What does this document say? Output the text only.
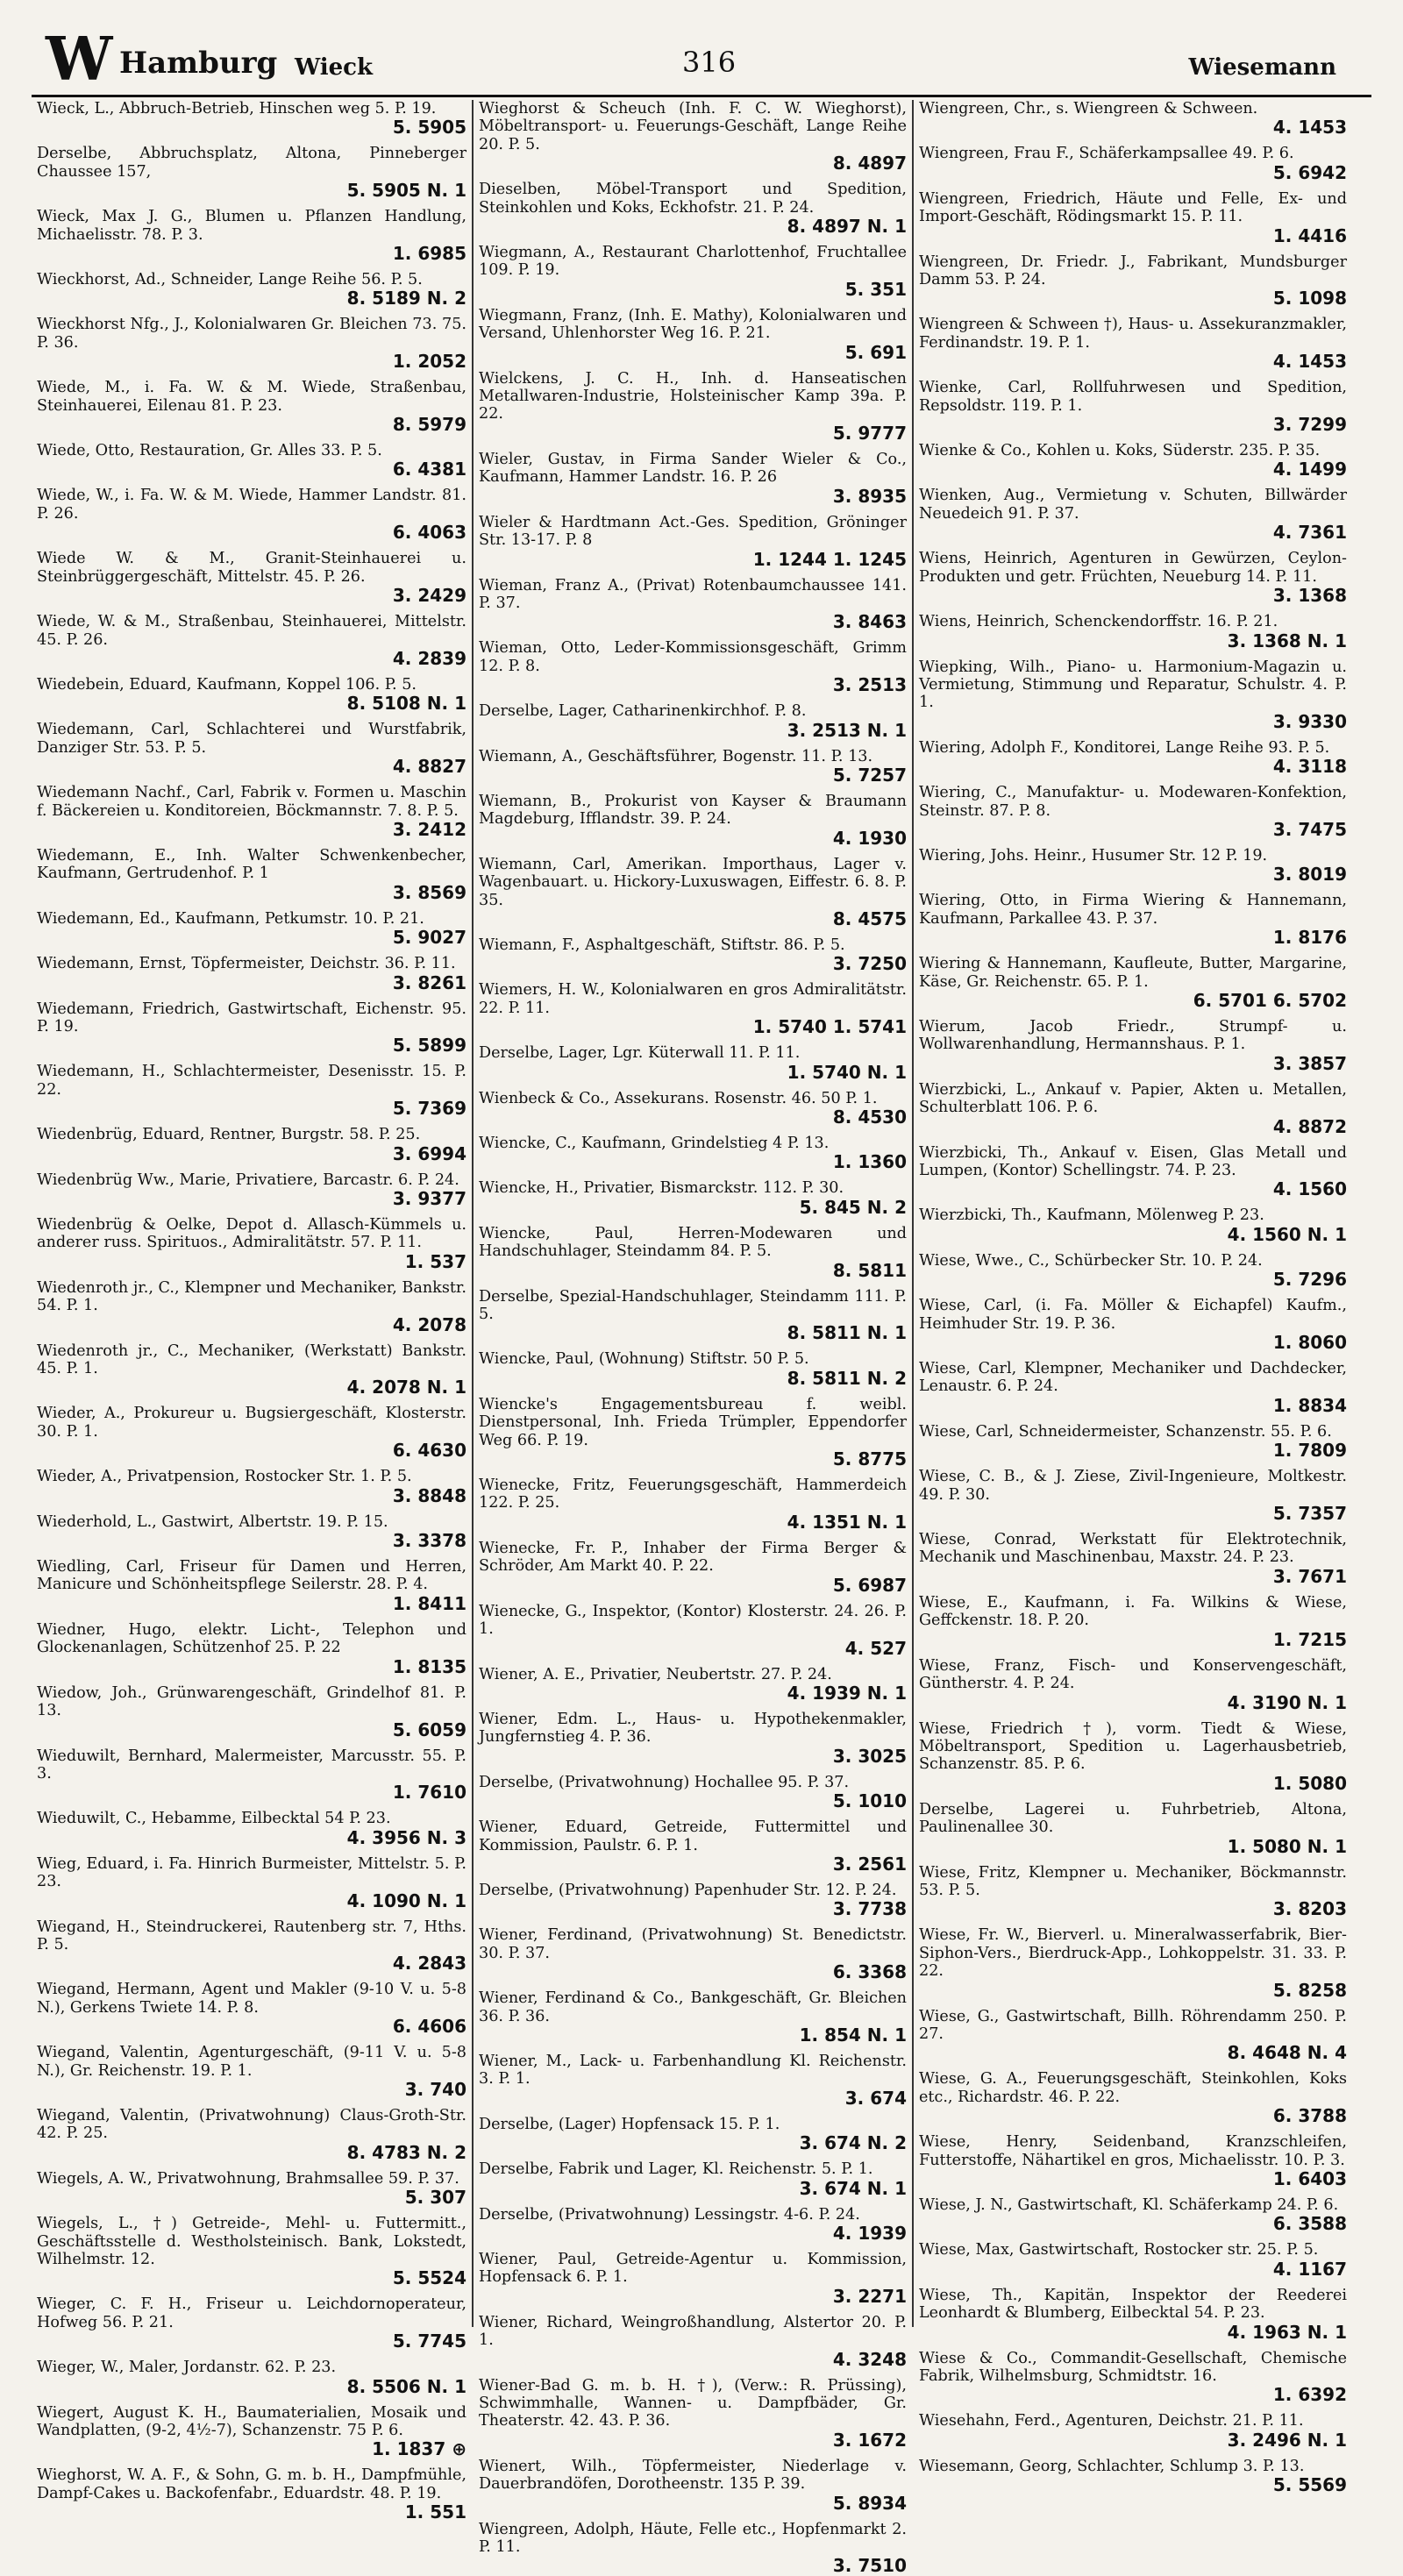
W Hamburg Wieck	316	Wiesemann
Wieck, L., Abbruch-Betrieb, Hinschen weg 5. P. 19.
5. 5905
Derselbe, Abbruchsplatz, Altona, Pinneberger Chaussee 157,
5. 5905 N. 1
Wieck, Max J. G., Blumen u. Pflanzen Handlung, Michaelisstr. 78. P. 3.
1. 6985
Wieckhorst, Ad., Schneider, Lange Reihe 56. P. 5.
8. 5189 N. 2
Wieckhorst Nfg., J., Kolonialwaren Gr. Bleichen 73. 75. P. 36.
1. 2052
Wiede, M., i. Fa. W. & M. Wiede, Straßenbau, Steinhauerei, Eilenau 81. P. 23.
8. 5979
Wiede, Otto, Restauration, Gr. Alles 33. P. 5.
6. 4381
Wiede, W., i. Fa. W. & M. Wiede, Hammer Landstr. 81. P. 26.
6. 4063
Wiede W. & M., Granit-Steinhauerei u. Steinbrüggergeschäft, Mittelstr. 45. P. 26.
3. 2429
Wiede, W. & M., Straßenbau, Steinhauerei, Mittelstr. 45. P. 26.
4. 2839
Wiedebein, Eduard, Kaufmann, Koppel 106. P. 5.
8. 5108 N. 1
Wiedemann, Carl, Schlachterei und Wurstfabrik, Danziger Str. 53. P. 5.
4. 8827
Wiedemann Nachf., Carl, Fabrik v. Formen u. Maschin f. Bäckereien u. Konditoreien, Böckmannstr. 7. 8. P. 5.
3. 2412
Wiedemann, E., Inh. Walter Schwenkenbecher, Kaufmann, Gertrudenhof. P. 1
3. 8569
Wiedemann, Ed., Kaufmann, Petkumstr. 10. P. 21.
5. 9027
Wiedemann, Ernst, Töpfermeister, Deichstr. 36. P. 11.
3. 8261
Wiedemann, Friedrich, Gastwirtschaft, Eichenstr. 95. P. 19.
5. 5899
Wiedemann, H., Schlachtermeister, Desenisstr. 15. P. 22.
5. 7369
Wiedenbrüg, Eduard, Rentner, Burgstr. 58. P. 25.
3. 6994
Wiedenbrüg Ww., Marie, Privatiere, Barcastr. 6. P. 24.
3. 9377
Wiedenbrüg & Oelke, Depot d. Allasch-Kümmels u. anderer russ. Spirituos., Admiralitätstr. 57. P. 11.
1. 537
Wiedenroth jr., C., Klempner und Mechaniker, Bankstr. 54. P. 1.
4. 2078
Wiedenroth jr., C., Mechaniker, (Werkstatt) Bankstr. 45. P. 1.
4. 2078 N. 1
Wieder, A., Prokureur u. Bugsiergeschäft, Klosterstr. 30. P. 1.
6. 4630
Wieder, A., Privatpension, Rostocker Str. 1. P. 5.
3. 8848
Wiederhold, L., Gastwirt, Albertstr. 19. P. 15.
3. 3378
Wiedling, Carl, Friseur für Damen und Herren, Manicure und Schönheitspflege Seilerstr. 28. P. 4.
1. 8411
Wiedner, Hugo, elektr. Licht-, Telephon und Glockenanlagen, Schützenhof 25. P. 22
1. 8135
Wiedow, Joh., Grünwarengeschäft, Grindelhof 81. P. 13.
5. 6059
Wieduwilt, Bernhard, Malermeister, Marcusstr. 55. P. 3.
1. 7610
Wieduwilt, C., Hebamme, Eilbecktal 54 P. 23.
4. 3956 N. 3
Wieg, Eduard, i. Fa. Hinrich Burmeister, Mittelstr. 5. P. 23.
4. 1090 N. 1
Wiegand, H., Steindruckerei, Rautenberg str. 7, Hths. P. 5.
4. 2843
Wiegand, Hermann, Agent und Makler (9-10 V. u. 5-8 N.), Gerkens Twiete 14. P. 8.
6. 4606
Wiegand, Valentin, Agenturgeschäft, (9-11 V. u. 5-8 N.), Gr. Reichenstr. 19. P. 1.
3. 740
Wiegand, Valentin, (Privatwohnung) Claus-Groth-Str. 42. P. 25.
8. 4783 N. 2
Wiegels, A. W., Privatwohnung, Brahmsallee 59. P. 37.
5. 307
Wiegels, L., †) Getreide-, Mehl- u. Futtermitt., Geschäftsstelle d. Westholsteinisch. Bank, Lokstedt, Wilhelmstr. 12.
5. 5524
Wieger, C. F. H., Friseur u. Leichdornoperateur, Hofweg 56. P. 21.
5. 7745
Wieger, W., Maler, Jordanstr. 62. P. 23.
8. 5506 N. 1
Wiegert, August K. H., Baumaterialien, Mosaik und Wandplatten, (9-2, 4½-7), Schanzenstr. 75 P. 6.
1. 1837 ⊕
Wieghorst, W. A. F., & Sohn, G. m. b. H., Dampfmühle, Dampf-Cakes u. Backofenfabr., Eduardstr. 48. P. 19.
1. 551
Wieghorst & Scheuch (Inh. F. C. W. Wieghorst), Möbeltransport- u. Feuerungs-Geschäft, Lange Reihe 20. P. 5.
8. 4897
Dieselben, Möbel-Transport und Spedition, Steinkohlen und Koks, Eckhofstr. 21. P. 24.
8. 4897 N. 1
Wiegmann, A., Restaurant Charlottenhof, Fruchtallee 109. P. 19.
5. 351
Wiegmann, Franz, (Inh. E. Mathy), Kolonialwaren und Versand, Uhlenhorster Weg 16. P. 21.
5. 691
Wielckens, J. C. H., Inh. d. Hanseatischen Metallwaren-Industrie, Holsteinischer Kamp 39a. P. 22.
5. 9777
Wieler, Gustav, in Firma Sander Wieler & Co., Kaufmann, Hammer Landstr. 16. P. 26
3. 8935
Wieler & Hardtmann Act.-Ges. Spedition, Gröninger Str. 13-17. P. 8
1. 1244 1. 1245
Wieman, Franz A., (Privat) Rotenbaumchaussee 141. P. 37.
3. 8463
Wieman, Otto, Leder-Kommissionsgeschäft, Grimm 12. P. 8.
3. 2513
Derselbe, Lager, Catharinenkirchhof. P. 8.
3. 2513 N. 1
Wiemann, A., Geschäftsführer, Bogenstr. 11. P. 13.
5. 7257
Wiemann, B., Prokurist von Kayser & Braumann Magdeburg, Ifflandstr. 39. P. 24.
4. 1930
Wiemann, Carl, Amerikan. Importhaus, Lager v. Wagenbauart. u. Hickory-Luxuswagen, Eiffestr. 6. 8. P. 35.
8. 4575
Wiemann, F., Asphaltgeschäft, Stiftstr. 86. P. 5.
3. 7250
Wiemers, H. W., Kolonialwaren en gros Admiralitätstr. 22. P. 11.
1. 5740 1. 5741
Derselbe, Lager, Lgr. Küterwall 11. P. 11.
1. 5740 N. 1
Wienbeck & Co., Assekurans. Rosenstr. 46. 50 P. 1.
8. 4530
Wiencke, C., Kaufmann, Grindelstieg 4 P. 13.
1. 1360
Wiencke, H., Privatier, Bismarckstr. 112. P. 30.
5. 845 N. 2
Wiencke, Paul, Herren-Modewaren und Handschuhlager, Steindamm 84. P. 5.
8. 5811
Derselbe, Spezial-Handschuhlager, Steindamm 111. P. 5.
8. 5811 N. 1
Wiencke, Paul, (Wohnung) Stiftstr. 50 P. 5.
8. 5811 N. 2
Wiencke's Engagementsbureau f. weibl. Dienstpersonal, Inh. Frieda Trümpler, Eppendorfer Weg 66. P. 19.
5. 8775
Wienecke, Fritz, Feuerungsgeschäft, Hammerdeich 122. P. 25.
4. 1351 N. 1
Wienecke, Fr. P., Inhaber der Firma Berger & Schröder, Am Markt 40. P. 22.
5. 6987
Wienecke, G., Inspektor, (Kontor) Klosterstr. 24. 26. P. 1.
4. 527
Wiener, A. E., Privatier, Neubertstr. 27. P. 24.
4. 1939 N. 1
Wiener, Edm. L., Haus- u. Hypothekenmakler, Jungfernstieg 4. P. 36.
3. 3025
Derselbe, (Privatwohnung) Hochallee 95. P. 37.
5. 1010
Wiener, Eduard, Getreide, Futtermittel und Kommission, Paulstr. 6. P. 1.
3. 2561
Derselbe, (Privatwohnung) Papenhuder Str. 12. P. 24.
3. 7738
Wiener, Ferdinand, (Privatwohnung) St. Benedictstr. 30. P. 37.
6. 3368
Wiener, Ferdinand & Co., Bankgeschäft, Gr. Bleichen 36. P. 36.
1. 854 N. 1
Wiener, M., Lack- u. Farbenhandlung Kl. Reichenstr. 3. P. 1.
3. 674
Derselbe, (Lager) Hopfensack 15. P. 1.
3. 674 N. 2
Derselbe, Fabrik und Lager, Kl. Reichenstr. 5. P. 1.
3. 674 N. 1
Derselbe, (Privatwohnung) Lessingstr. 4-6. P. 24.
4. 1939
Wiener, Paul, Getreide-Agentur u. Kommission, Hopfensack 6. P. 1.
3. 2271
Wiener, Richard, Weingroßhandlung, Alstertor 20. P. 1.
4. 3248
Wiener-Bad G. m. b. H. †), (Verw.: R. Prüssing), Schwimmhalle, Wannen- u. Dampfbäder, Gr. Theaterstr. 42. 43. P. 36.
3. 1672
Wienert, Wilh., Töpfermeister, Niederlage v. Dauerbrandöfen, Dorotheenstr. 135 P. 39.
5. 8934
Wiengreen, Adolph, Häute, Felle etc., Hopfenmarkt 2. P. 11.
3. 7510
Wiengreen, Chr., s. Wiengreen & Schween.
4. 1453
Wiengreen, Frau F., Schäferkampsallee 49. P. 6.
5. 6942
Wiengreen, Friedrich, Häute und Felle, Ex- und Import-Geschäft, Rödingsmarkt 15. P. 11.
1. 4416
Wiengreen, Dr. Friedr. J., Fabrikant, Mundsburger Damm 53. P. 24.
5. 1098
Wiengreen & Schween †), Haus- u. Assekuranzmakler, Ferdinandstr. 19. P. 1.
4. 1453
Wienke, Carl, Rollfuhrwesen und Spedition, Repsoldstr. 119. P. 1.
3. 7299
Wienke & Co., Kohlen u. Koks, Süderstr. 235. P. 35.
4. 1499
Wienken, Aug., Vermietung v. Schuten, Billwärder Neuedeich 91. P. 37.
4. 7361
Wiens, Heinrich, Agenturen in Gewürzen, Ceylon-Produkten und getr. Früchten, Neueburg 14. P. 11.
3. 1368
Wiens, Heinrich, Schenckendorffstr. 16. P. 21.
3. 1368 N. 1
Wiepking, Wilh., Piano- u. Harmonium-Magazin u. Vermietung, Stimmung und Reparatur, Schulstr. 4. P. 1.
3. 9330
Wiering, Adolph F., Konditorei, Lange Reihe 93. P. 5.
4. 3118
Wiering, C., Manufaktur- u. Modewaren-Konfektion, Steinstr. 87. P. 8.
3. 7475
Wiering, Johs. Heinr., Husumer Str. 12 P. 19.
3. 8019
Wiering, Otto, in Firma Wiering & Hannemann, Kaufmann, Parkallee 43. P. 37.
1. 8176
Wiering & Hannemann, Kaufleute, Butter, Margarine, Käse, Gr. Reichenstr. 65. P. 1.
6. 5701 6. 5702
Wierum, Jacob Friedr., Strumpf- u. Wollwarenhandlung, Hermannshaus. P. 1.
3. 3857
Wierzbicki, L., Ankauf v. Papier, Akten u. Metallen, Schulterblatt 106. P. 6.
4. 8872
Wierzbicki, Th., Ankauf v. Eisen, Glas Metall und Lumpen, (Kontor) Schellingstr. 74. P. 23.
4. 1560
Wierzbicki, Th., Kaufmann, Mölenweg P. 23.
4. 1560 N. 1
Wiese, Wwe., C., Schürbecker Str. 10. P. 24.
5. 7296
Wiese, Carl, (i. Fa. Möller & Eichapfel) Kaufm., Heimhuder Str. 19. P. 36.
1. 8060
Wiese, Carl, Klempner, Mechaniker und Dachdecker, Lenaustr. 6. P. 24.
1. 8834
Wiese, Carl, Schneidermeister, Schanzenstr. 55. P. 6.
1. 7809
Wiese, C. B., & J. Ziese, Zivil-Ingenieure, Moltkestr. 49. P. 30.
5. 7357
Wiese, Conrad, Werkstatt für Elektrotechnik, Mechanik und Maschinenbau, Maxstr. 24. P. 23.
3. 7671
Wiese, E., Kaufmann, i. Fa. Wilkins & Wiese, Geffckenstr. 18. P. 20.
1. 7215
Wiese, Franz, Fisch- und Konservengeschäft, Güntherstr. 4. P. 24.
4. 3190 N. 1
Wiese, Friedrich †), vorm. Tiedt & Wiese, Möbeltransport, Spedition u. Lagerhausbetrieb, Schanzenstr. 85. P. 6.
1. 5080
Derselbe, Lagerei u. Fuhrbetrieb, Altona, Paulinenallee 30.
1. 5080 N. 1
Wiese, Fritz, Klempner u. Mechaniker, Böckmannstr. 53. P. 5.
3. 8203
Wiese, Fr. W., Bierverl. u. Mineralwasserfabrik, Bier-Siphon-Vers., Bierdruck-App., Lohkoppelstr. 31. 33. P. 22.
5. 8258
Wiese, G., Gastwirtschaft, Billh. Röhrendamm 250. P. 27.
8. 4648 N. 4
Wiese, G. A., Feuerungsgeschäft, Steinkohlen, Koks etc., Richardstr. 46. P. 22.
6. 3788
Wiese, Henry, Seidenband, Kranzschleifen, Futterstoffe, Nähartikel en gros, Michaelisstr. 10. P. 3.
1. 6403
Wiese, J. N., Gastwirtschaft, Kl. Schäferkamp 24. P. 6.
6. 3588
Wiese, Max, Gastwirtschaft, Rostocker str. 25. P. 5.
4. 1167
Wiese, Th., Kapitän, Inspektor der Reederei Leonhardt & Blumberg, Eilbecktal 54. P. 23.
4. 1963 N. 1
Wiese & Co., Commandit-Gesellschaft, Chemische Fabrik, Wilhelmsburg, Schmidtstr. 16.
1. 6392
Wiesehahn, Ferd., Agenturen, Deichstr. 21. P. 11.
3. 2496 N. 1
Wiesemann, Georg, Schlachter, Schlump 3. P. 13.
5. 5569
